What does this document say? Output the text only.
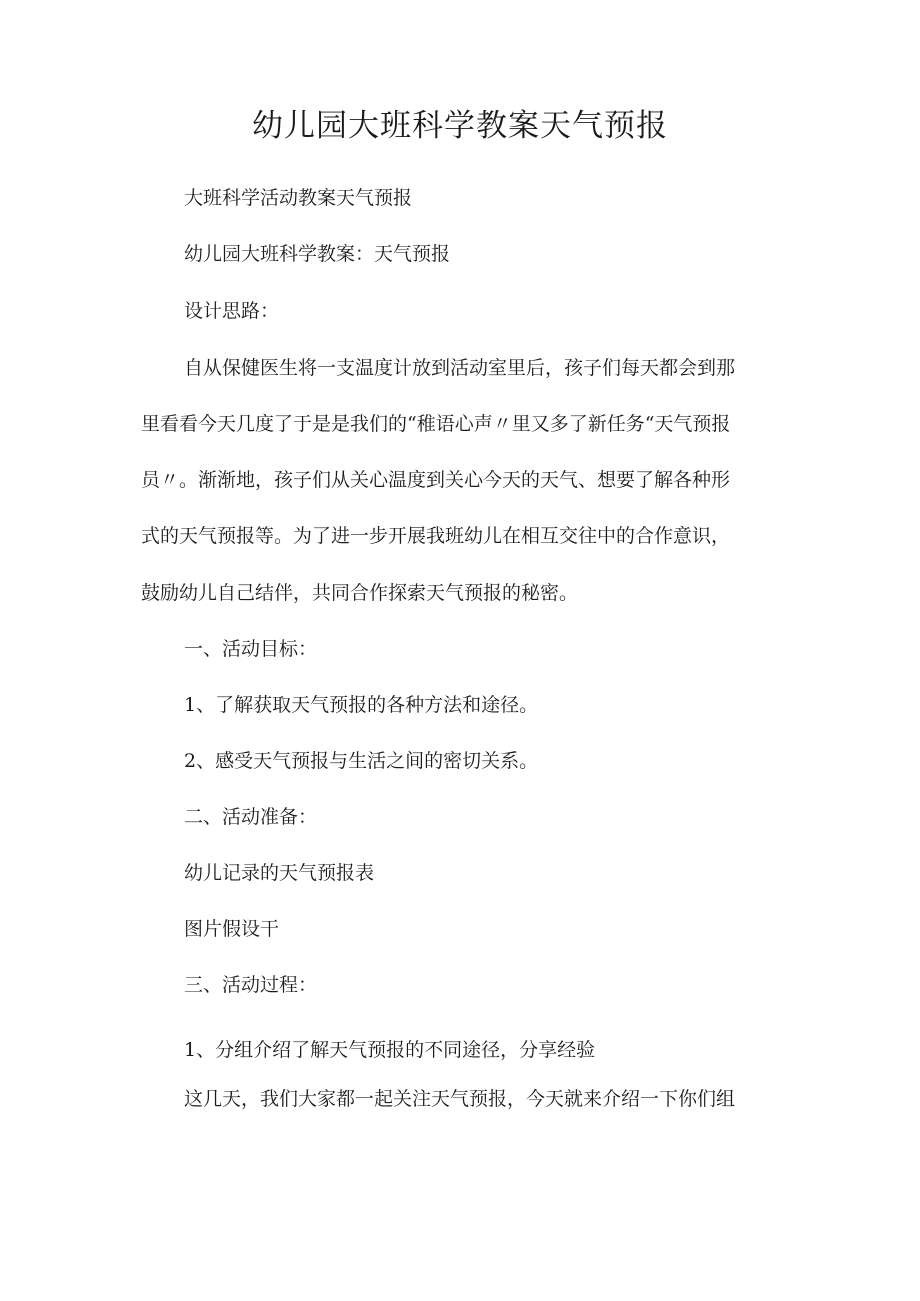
幼儿园大班科学教案天气预报

大班科学活动教案天气预报

幼儿园大班科学教案：天气预报

设计思路：

自从保健医生将一支温度计放到活动室里后，孩子们每天都会到那

里看看今天几度了于是是我们的“稚语心声〃里又多了新任务“天气预报

员〃。渐渐地，孩子们从关心温度到关心今天的天气、想要了解各种形

式的天气预报等。为了进一步开展我班幼儿在相互交往中的合作意识，

鼓励幼儿自己结伴，共同合作探索天气预报的秘密。

一、活动目标：

1、了解获取天气预报的各种方法和途径。

2、感受天气预报与生活之间的密切关系。

二、活动准备：

幼儿记录的天气预报表

图片假设干

三、活动过程：

1、分组介绍了解天气预报的不同途径，分享经验

这几天，我们大家都一起关注天气预报，今天就来介绍一下你们组
